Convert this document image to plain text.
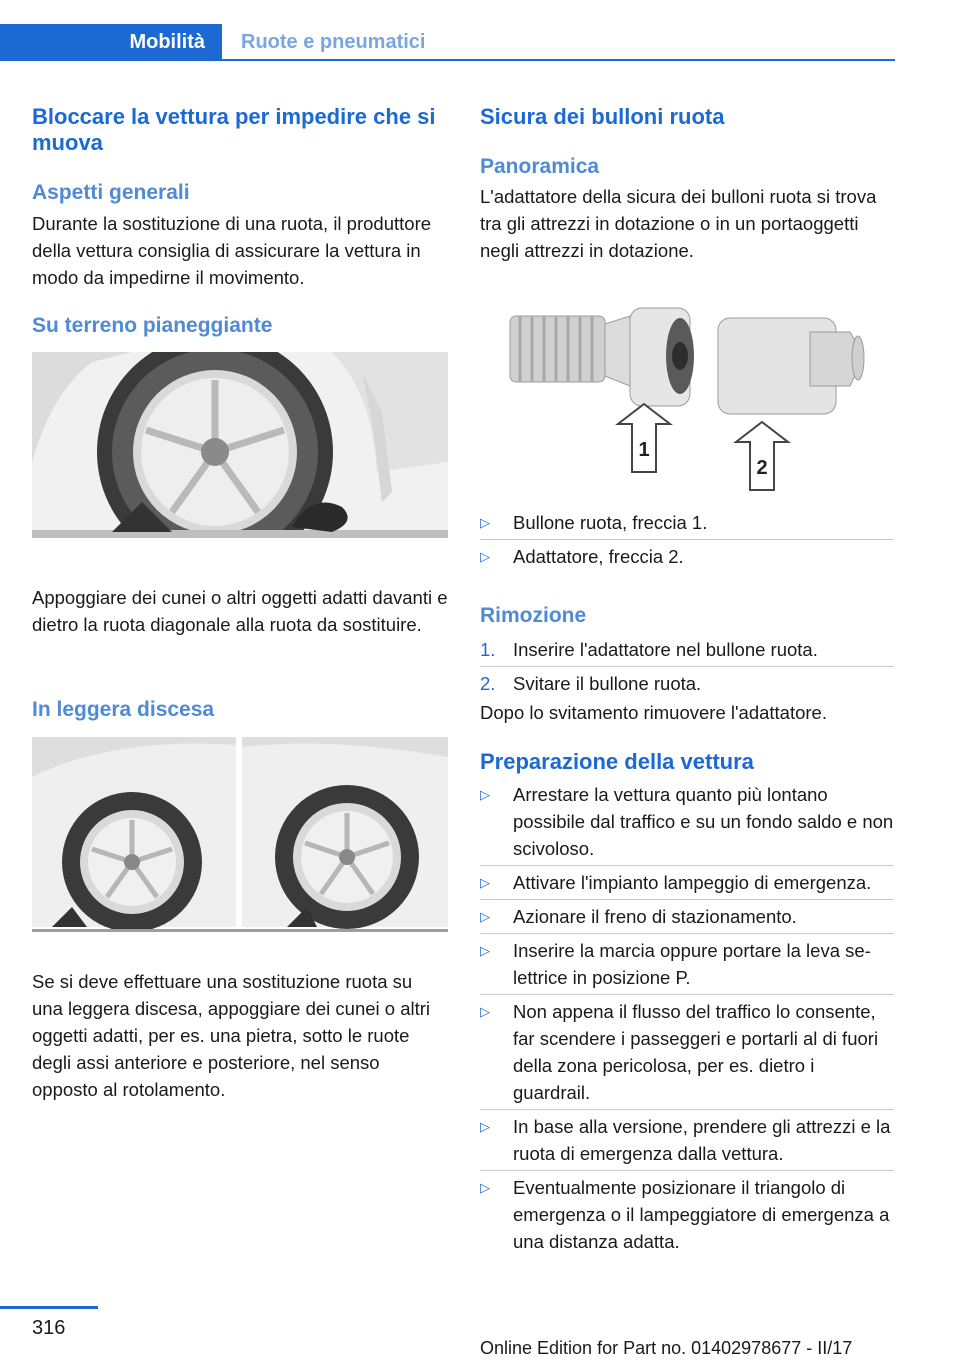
Mobilità	Ruote e pneumatici
Bloccare la vettura per impedire che si muova
Aspetti generali

Durante la sostituzione di una ruota, il produttore della vettura consiglia di assicurare la vettura in modo da impedirne il movimento.

Su terreno pianeggiante

Appoggiare dei cunei o altri oggetti adatti davanti e dietro la ruota diagonale alla ruota da sostituire.

In leggera discesa

Se si deve effettuare una sostituzione ruota su una leggera discesa, appoggiare dei cunei o altri oggetti adatti, per es. una pietra, sotto le ruote degli assi anteriore e posteriore, nel senso opposto al rotolamento.

Sicura dei bulloni ruota
Panoramica

L'adattatore della sicura dei bulloni ruota si trova tra gli attrezzi in dotazione o in un portaoggetti negli attrezzi in dotazione.

1
2
▷ Bullone ruota, freccia 1.
▷ Adattatore, freccia 2.
Rimozione
1. Inserire l'adattatore nel bullone ruota.
2. Svitare il bullone ruota.

Dopo lo svitamento rimuovere l'adattatore.

Preparazione della vettura
▷ Arrestare la vettura quanto più lontano possibile dal traffico e su un fondo saldo e non scivoloso.
▷ Attivare l'impianto lampeggio di emergenza.
▷ Azionare il freno di stazionamento.
▷ Inserire la marcia oppure portare la leva selettrice in posizione P.
▷ Non appena il flusso del traffico lo consente, far scendere i passeggeri e portarli al di fuori della zona pericolosa, per es. dietro i guardrail.
▷ In base alla versione, prendere gli attrezzi e la ruota di emergenza dalla vettura.
▷ Eventualmente posizionare il triangolo di emergenza o il lampeggiatore di emergenza a una distanza adatta.
316
Online Edition for Part no. 01402978677 - II/17
